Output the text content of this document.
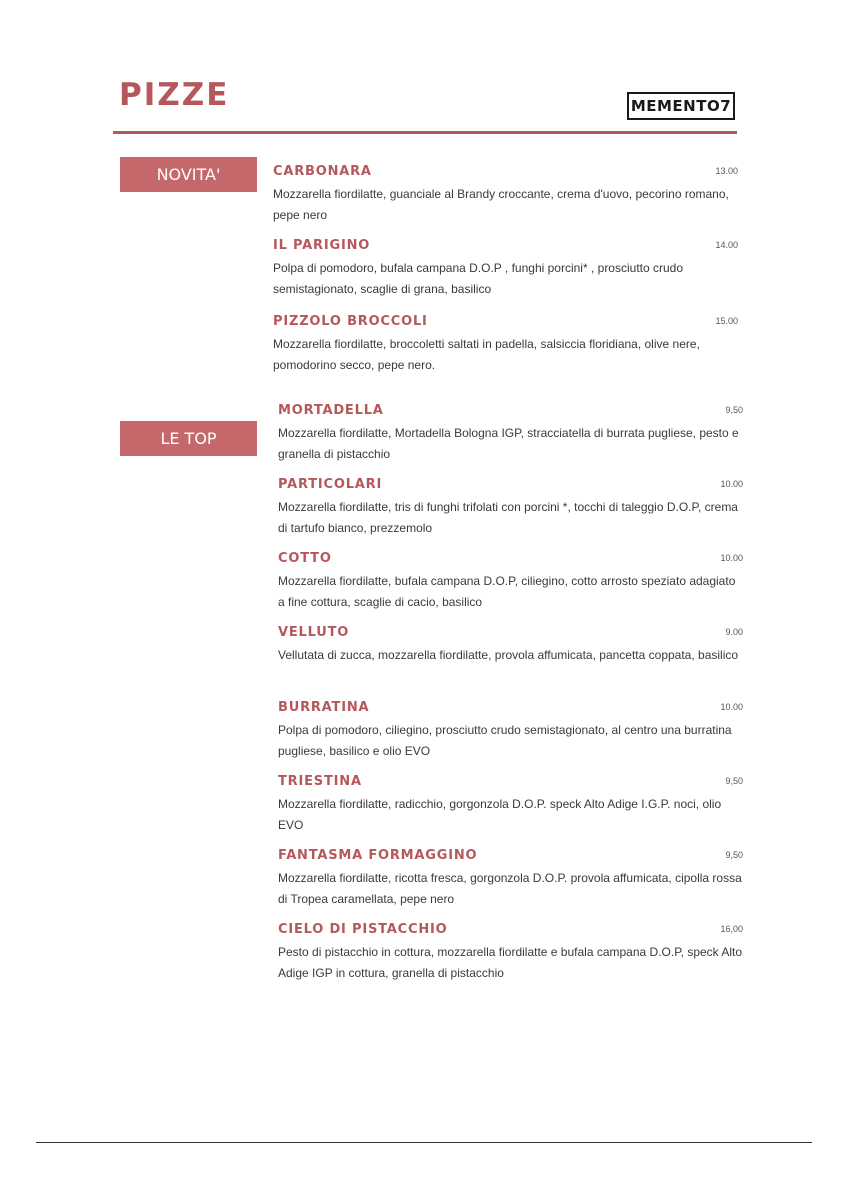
PIZZE	MEMENTO7
NOVITA'
LE TOP
CARBONARA	13.00
Mozzarella fiordilatte, guanciale al Brandy croccante, crema d'uovo, pecorino romano, pepe nero
IL PARIGINO	14.00
Polpa di pomodoro, bufala campana D.O.P , funghi porcini* , prosciutto crudo semistagionato, scaglie di grana, basilico
PIZZOLO BROCCOLI	15.00
Mozzarella fiordilatte, broccoletti saltati in padella, salsiccia floridiana, olive nere, pomodorino secco, pepe nero.
MORTADELLA	9,50
Mozzarella fiordilatte, Mortadella Bologna IGP, stracciatella di burrata pugliese, pesto e granella di pistacchio
PARTICOLARI	10.00
Mozzarella fiordilatte, tris di funghi trifolati con porcini *, tocchi di taleggio D.O.P, crema di tartufo bianco, prezzemolo
COTTO	10.00
Mozzarella fiordilatte, bufala campana D.O.P, ciliegino, cotto arrosto speziato adagiato a fine cottura, scaglie di cacio, basilico
VELLUTO	9.00
Vellutata di zucca, mozzarella fiordilatte, provola affumicata, pancetta coppata, basilico
BURRATINA	10.00
Polpa di pomodoro, ciliegino, prosciutto crudo semistagionato, al centro una burratina pugliese, basilico e olio EVO
TRIESTINA	9,50
Mozzarella fiordilatte, radicchio, gorgonzola D.O.P. speck Alto Adige I.G.P. noci, olio EVO
FANTASMA FORMAGGINO	9,50
Mozzarella fiordilatte, ricotta fresca, gorgonzola D.O.P. provola affumicata, cipolla rossa di Tropea caramellata, pepe nero
CIELO DI PISTACCHIO	16,00
Pesto di pistacchio in cottura, mozzarella fiordilatte e bufala campana D.O.P, speck Alto Adige IGP in cottura, granella di pistacchio
